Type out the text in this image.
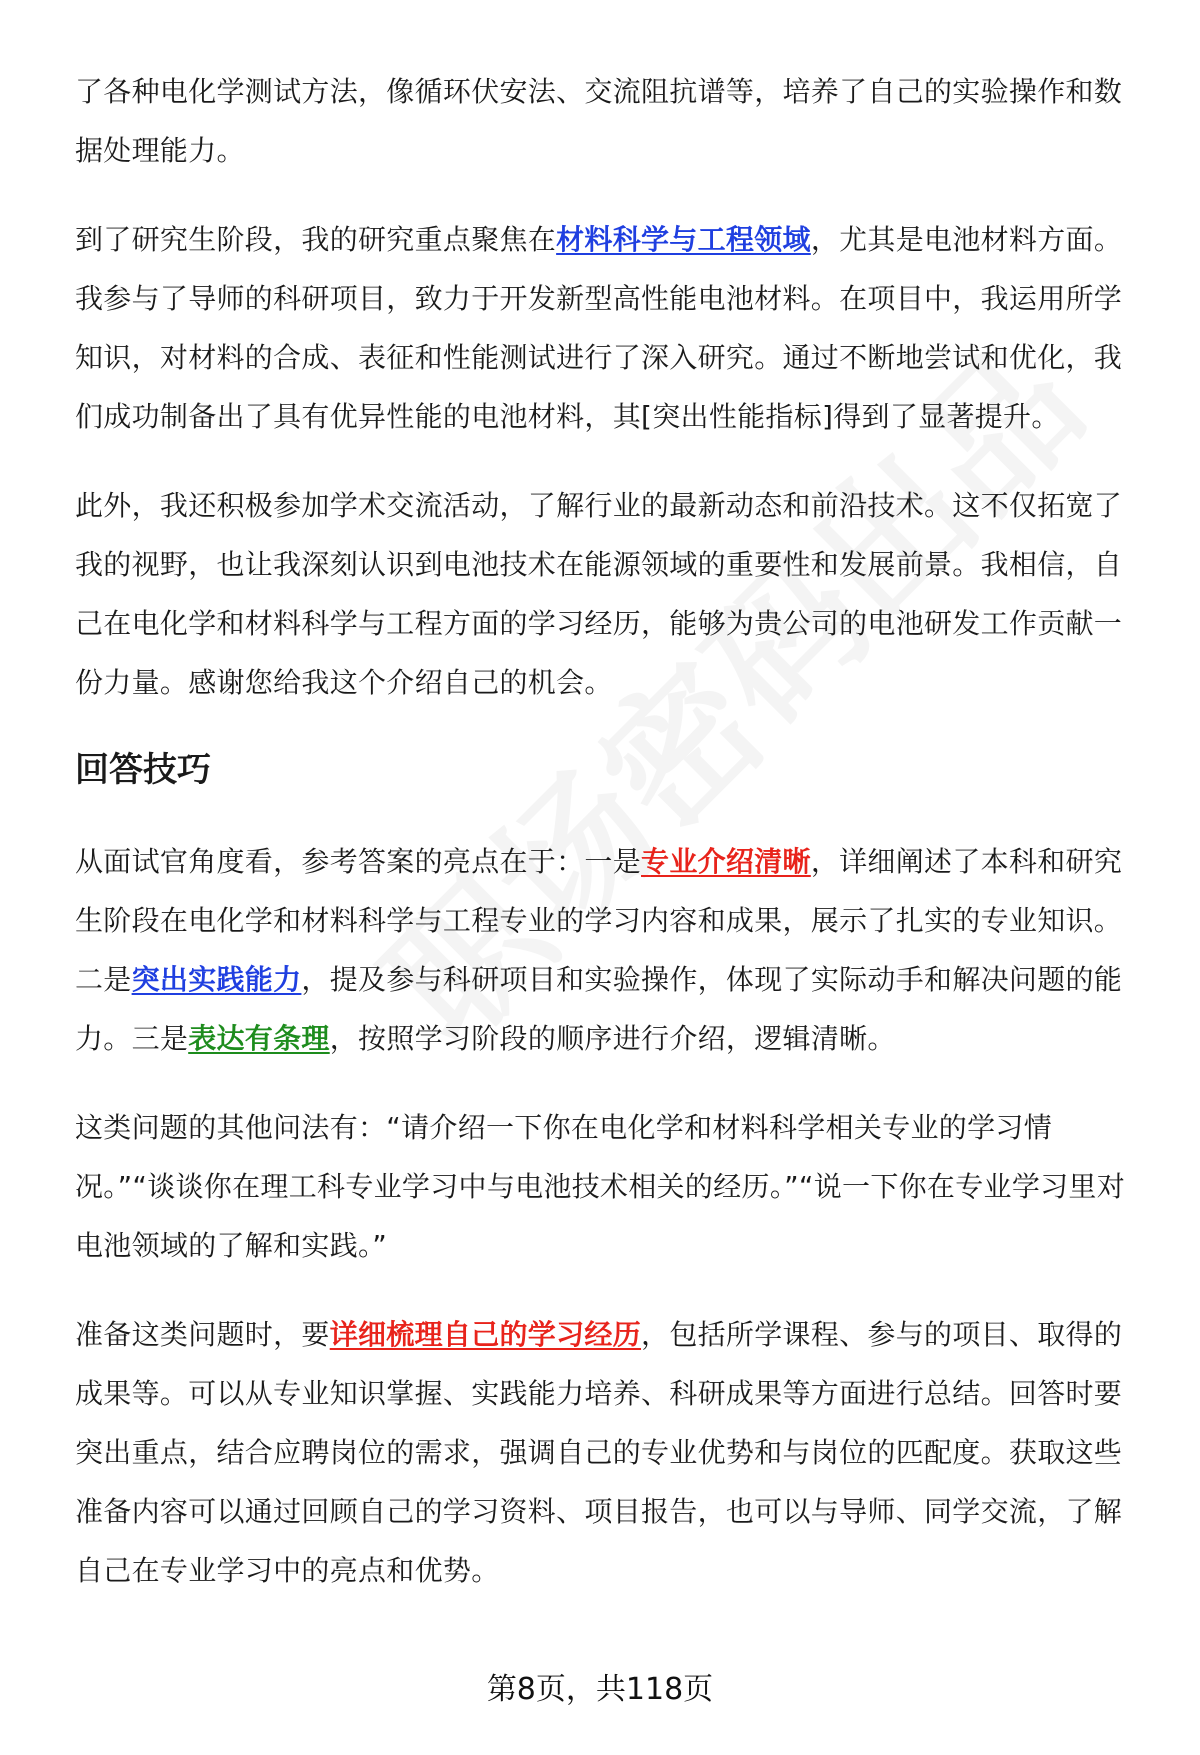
了各种电化学测试方法，像循环伏安法、交流阻抗谱等，培养了自己的实验操作和数据处理能力。

到了研究生阶段，我的研究重点聚焦在材料科学与工程领域，尤其是电池材料方面。我参与了导师的科研项目，致力于开发新型高性能电池材料。在项目中，我运用所学知识，对材料的合成、表征和性能测试进行了深入研究。通过不断地尝试和优化，我们成功制备出了具有优异性能的电池材料，其[突出性能指标]得到了显著提升。

此外，我还积极参加学术交流活动，了解行业的最新动态和前沿技术。这不仅拓宽了我的视野，也让我深刻认识到电池技术在能源领域的重要性和发展前景。我相信，自己在电化学和材料科学与工程方面的学习经历，能够为贵公司的电池研发工作贡献一份力量。感谢您给我这个介绍自己的机会。

回答技巧

从面试官角度看，参考答案的亮点在于：一是专业介绍清晰，详细阐述了本科和研究生阶段在电化学和材料科学与工程专业的学习内容和成果，展示了扎实的专业知识。二是突出实践能力，提及参与科研项目和实验操作，体现了实际动手和解决问题的能力。三是表达有条理，按照学习阶段的顺序进行介绍，逻辑清晰。

这类问题的其他问法有：“请介绍一下你在电化学和材料科学相关专业的学习情况。”“谈谈你在理工科专业学习中与电池技术相关的经历。”“说一下你在专业学习里对电池领域的了解和实践。”

准备这类问题时，要详细梳理自己的学习经历，包括所学课程、参与的项目、取得的成果等。可以从专业知识掌握、实践能力培养、科研成果等方面进行总结。回答时要突出重点，结合应聘岗位的需求，强调自己的专业优势和与岗位的匹配度。获取这些准备内容可以通过回顾自己的学习资料、项目报告，也可以与导师、同学交流，了解自己在专业学习中的亮点和优势。

第8页，共118页
